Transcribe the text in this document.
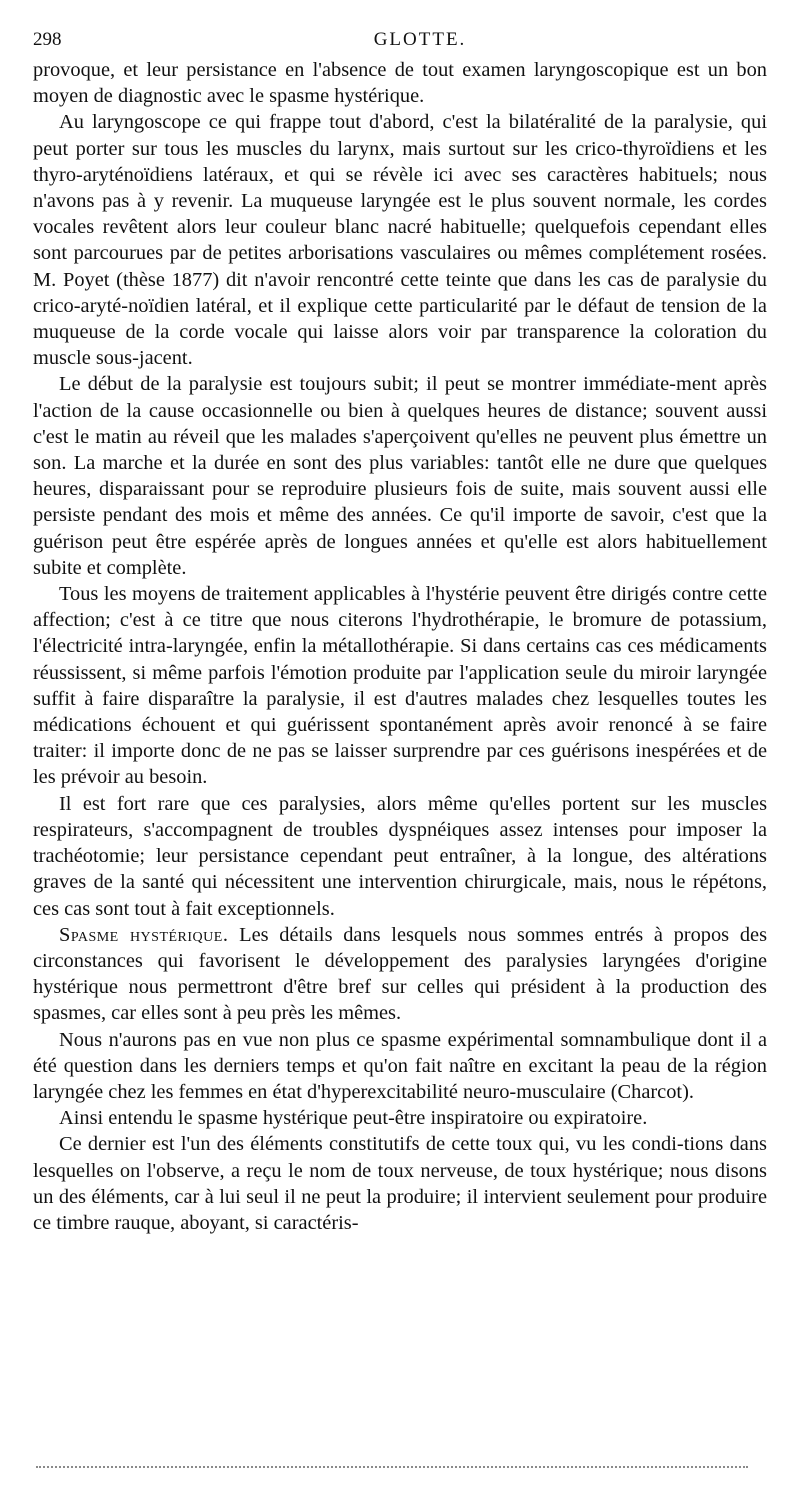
298	GLOTTE.

provoque, et leur persistance en l'absence de tout examen laryngoscopique est un bon moyen de diagnostic avec le spasme hystérique.

Au laryngoscope ce qui frappe tout d'abord, c'est la bilatéralité de la paralysie, qui peut porter sur tous les muscles du larynx, mais surtout sur les crico-thyroïdiens et les thyro-aryténoïdiens latéraux, et qui se révèle ici avec ses caractères habituels; nous n'avons pas à y revenir. La muqueuse laryngée est le plus souvent normale, les cordes vocales revêtent alors leur couleur blanc nacré habituelle; quelquefois cependant elles sont parcourues par de petites arborisations vasculaires ou mêmes complétement rosées. M. Poyet (thèse 1877) dit n'avoir rencontré cette teinte que dans les cas de paralysie du crico-aryté-noïdien latéral, et il explique cette particularité par le défaut de tension de la muqueuse de la corde vocale qui laisse alors voir par transparence la coloration du muscle sous-jacent.

Le début de la paralysie est toujours subit; il peut se montrer immédiate-ment après l'action de la cause occasionnelle ou bien à quelques heures de distance; souvent aussi c'est le matin au réveil que les malades s'aperçoivent qu'elles ne peuvent plus émettre un son. La marche et la durée en sont des plus variables: tantôt elle ne dure que quelques heures, disparaissant pour se reproduire plusieurs fois de suite, mais souvent aussi elle persiste pendant des mois et même des années. Ce qu'il importe de savoir, c'est que la guérison peut être espérée après de longues années et qu'elle est alors habituellement subite et complète.

Tous les moyens de traitement applicables à l'hystérie peuvent être dirigés contre cette affection; c'est à ce titre que nous citerons l'hydrothérapie, le bromure de potassium, l'électricité intra-laryngée, enfin la métallothérapie. Si dans certains cas ces médicaments réussissent, si même parfois l'émotion produite par l'application seule du miroir laryngée suffit à faire disparaître la paralysie, il est d'autres malades chez lesquelles toutes les médications échouent et qui guérissent spontanément après avoir renoncé à se faire traiter: il importe donc de ne pas se laisser surprendre par ces guérisons inespérées et de les prévoir au besoin.

Il est fort rare que ces paralysies, alors même qu'elles portent sur les muscles respirateurs, s'accompagnent de troubles dyspnéiques assez intenses pour imposer la trachéotomie; leur persistance cependant peut entraîner, à la longue, des altérations graves de la santé qui nécessitent une intervention chirurgicale, mais, nous le répétons, ces cas sont tout à fait exceptionnels.

Spasme hystérique. Les détails dans lesquels nous sommes entrés à propos des circonstances qui favorisent le développement des paralysies laryngées d'origine hystérique nous permettront d'être bref sur celles qui président à la production des spasmes, car elles sont à peu près les mêmes.

Nous n'aurons pas en vue non plus ce spasme expérimental somnambulique dont il a été question dans les derniers temps et qu'on fait naître en excitant la peau de la région laryngée chez les femmes en état d'hyperexcitabilité neuro-musculaire (Charcot).

Ainsi entendu le spasme hystérique peut-être inspiratoire ou expiratoire.

Ce dernier est l'un des éléments constitutifs de cette toux qui, vu les condi-tions dans lesquelles on l'observe, a reçu le nom de toux nerveuse, de toux hystérique; nous disons un des éléments, car à lui seul il ne peut la produire; il intervient seulement pour produire ce timbre rauque, aboyant, si caractéris-
